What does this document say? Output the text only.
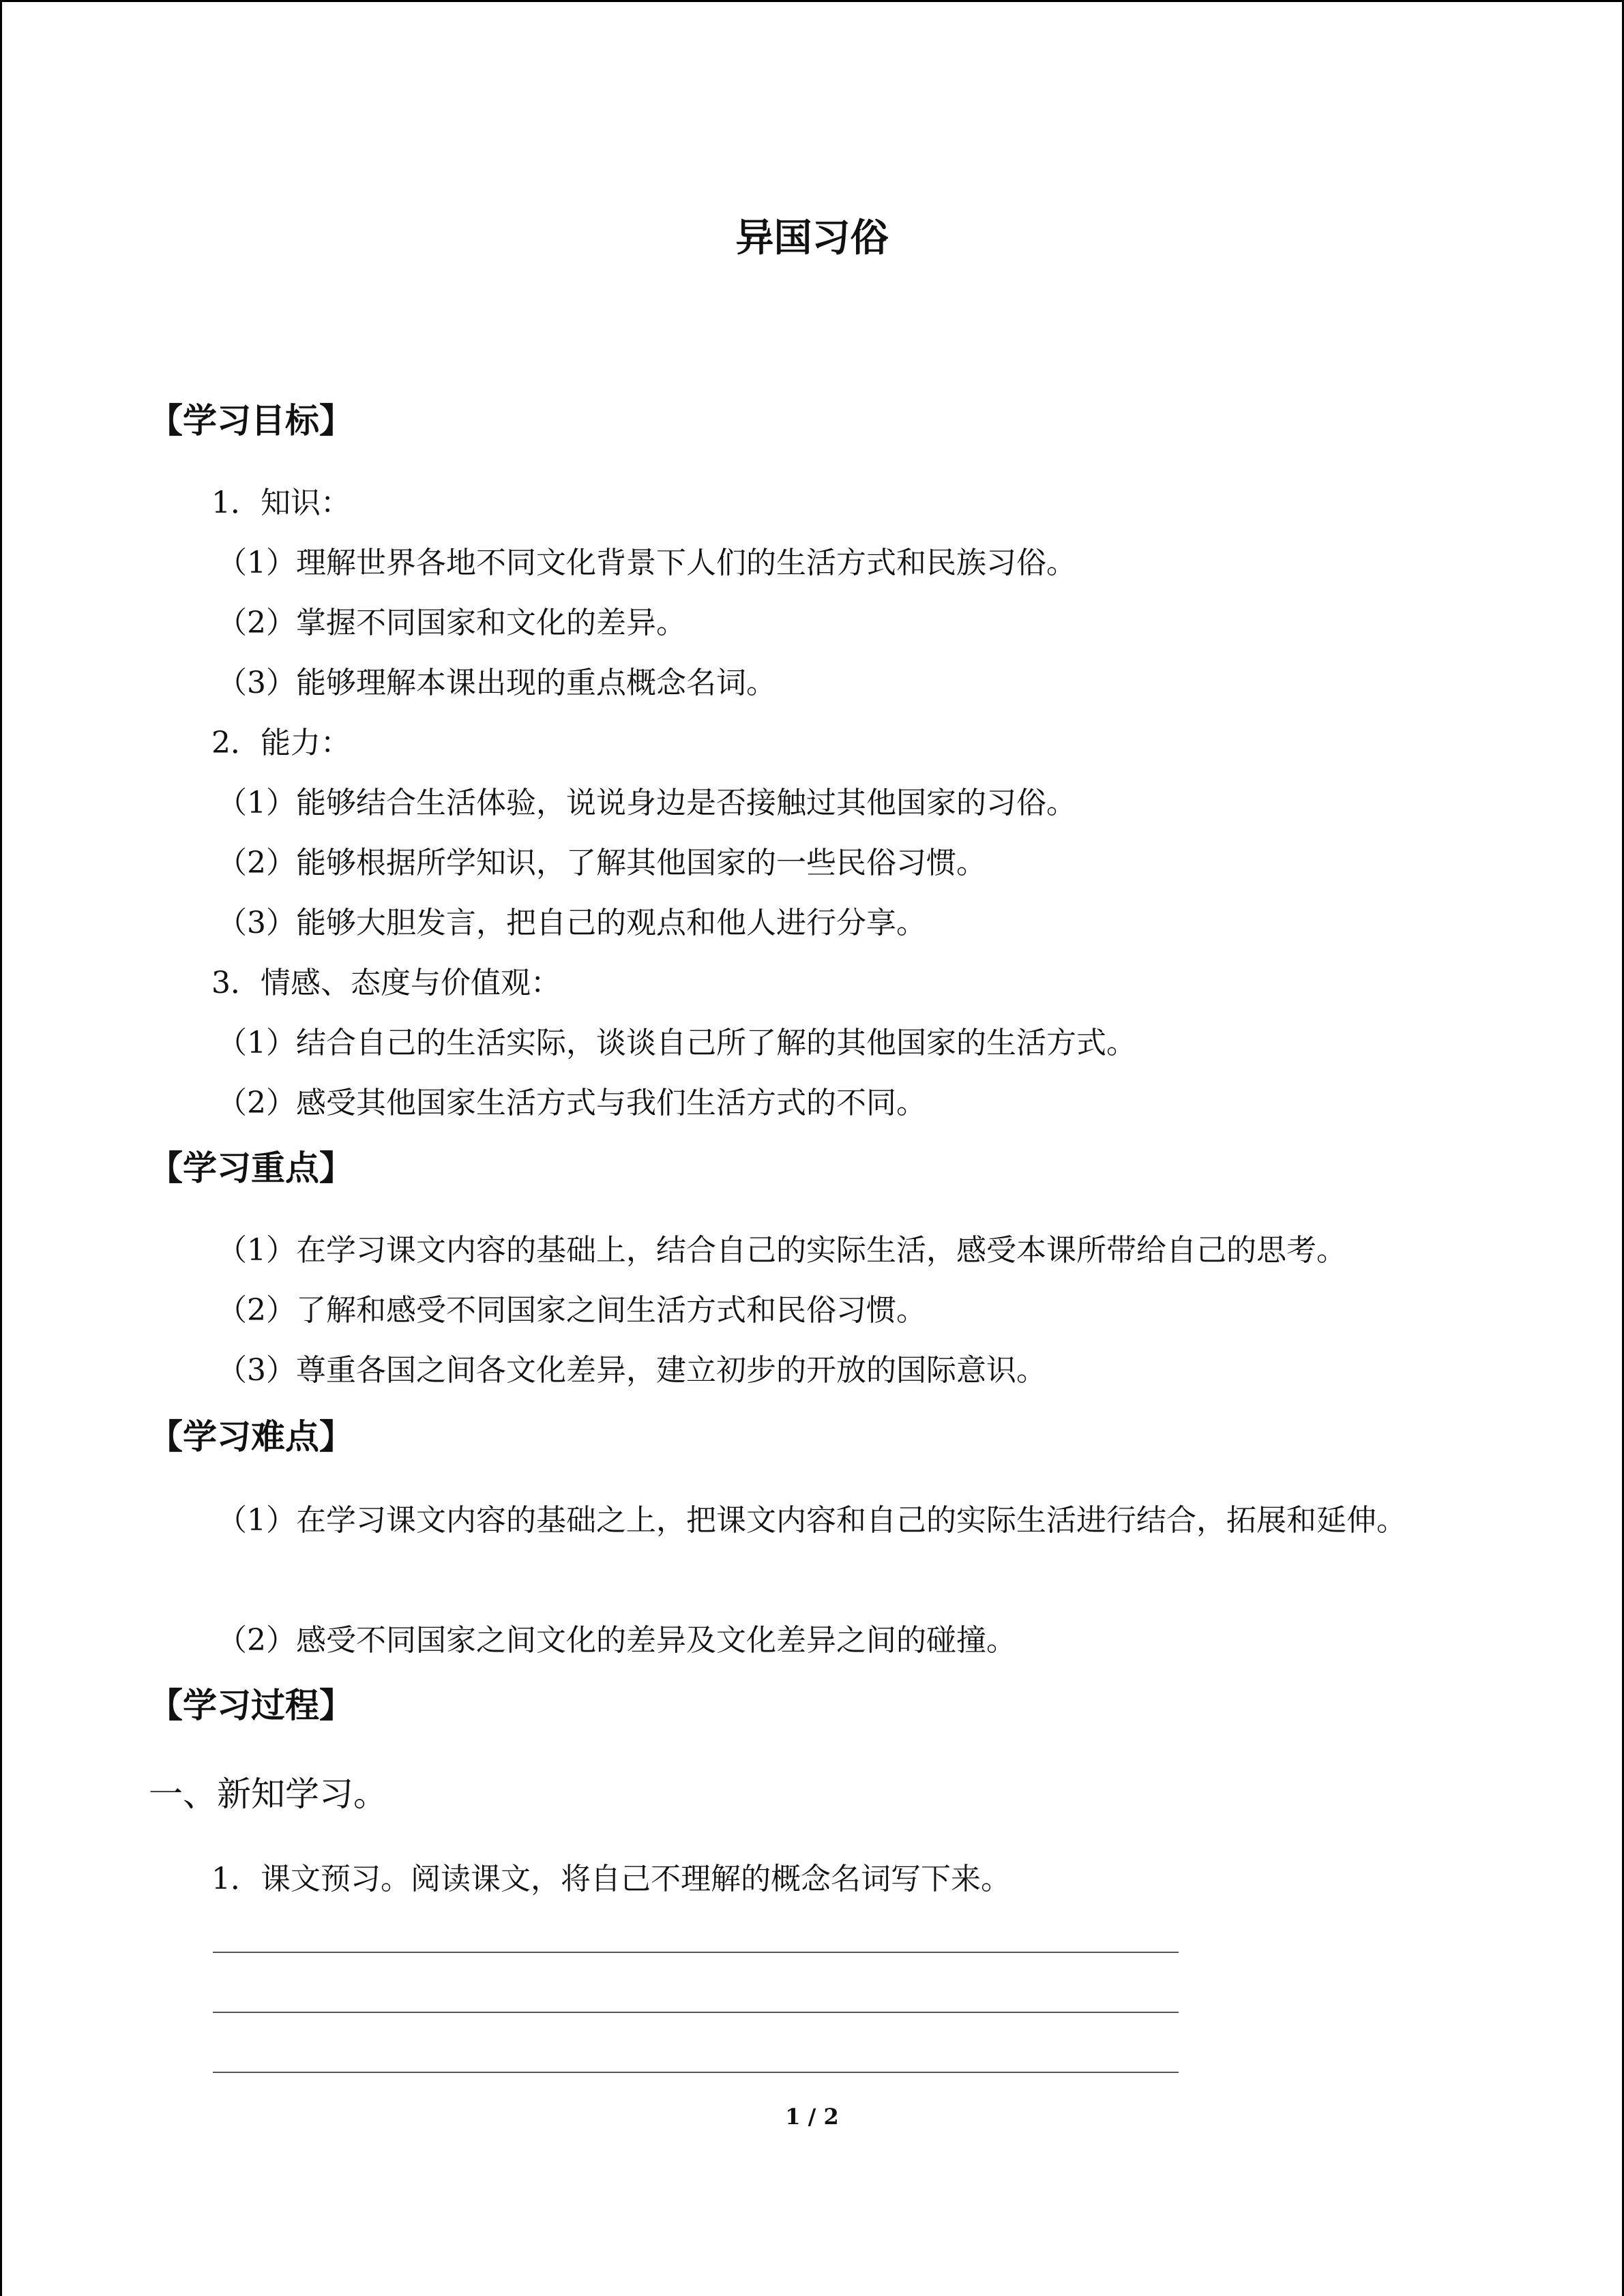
异国习俗
【学习目标】
1．知识：
（1）理解世界各地不同文化背景下人们的生活方式和民族习俗。
（2）掌握不同国家和文化的差异。
（3）能够理解本课出现的重点概念名词。
2．能力：
（1）能够结合生活体验，说说身边是否接触过其他国家的习俗。
（2）能够根据所学知识，了解其他国家的一些民俗习惯。
（3）能够大胆发言，把自己的观点和他人进行分享。
3．情感、态度与价值观：
（1）结合自己的生活实际，谈谈自己所了解的其他国家的生活方式。
（2）感受其他国家生活方式与我们生活方式的不同。
【学习重点】
（1）在学习课文内容的基础上，结合自己的实际生活，感受本课所带给自己的思考。
（2）了解和感受不同国家之间生活方式和民俗习惯。
（3）尊重各国之间各文化差异，建立初步的开放的国际意识。
【学习难点】
（1）在学习课文内容的基础之上，把课文内容和自己的实际生活进行结合，拓展和延伸。
（2）感受不同国家之间文化的差异及文化差异之间的碰撞。
【学习过程】
一、新知学习。
1．课文预习。阅读课文，将自己不理解的概念名词写下来。
1 / 2
